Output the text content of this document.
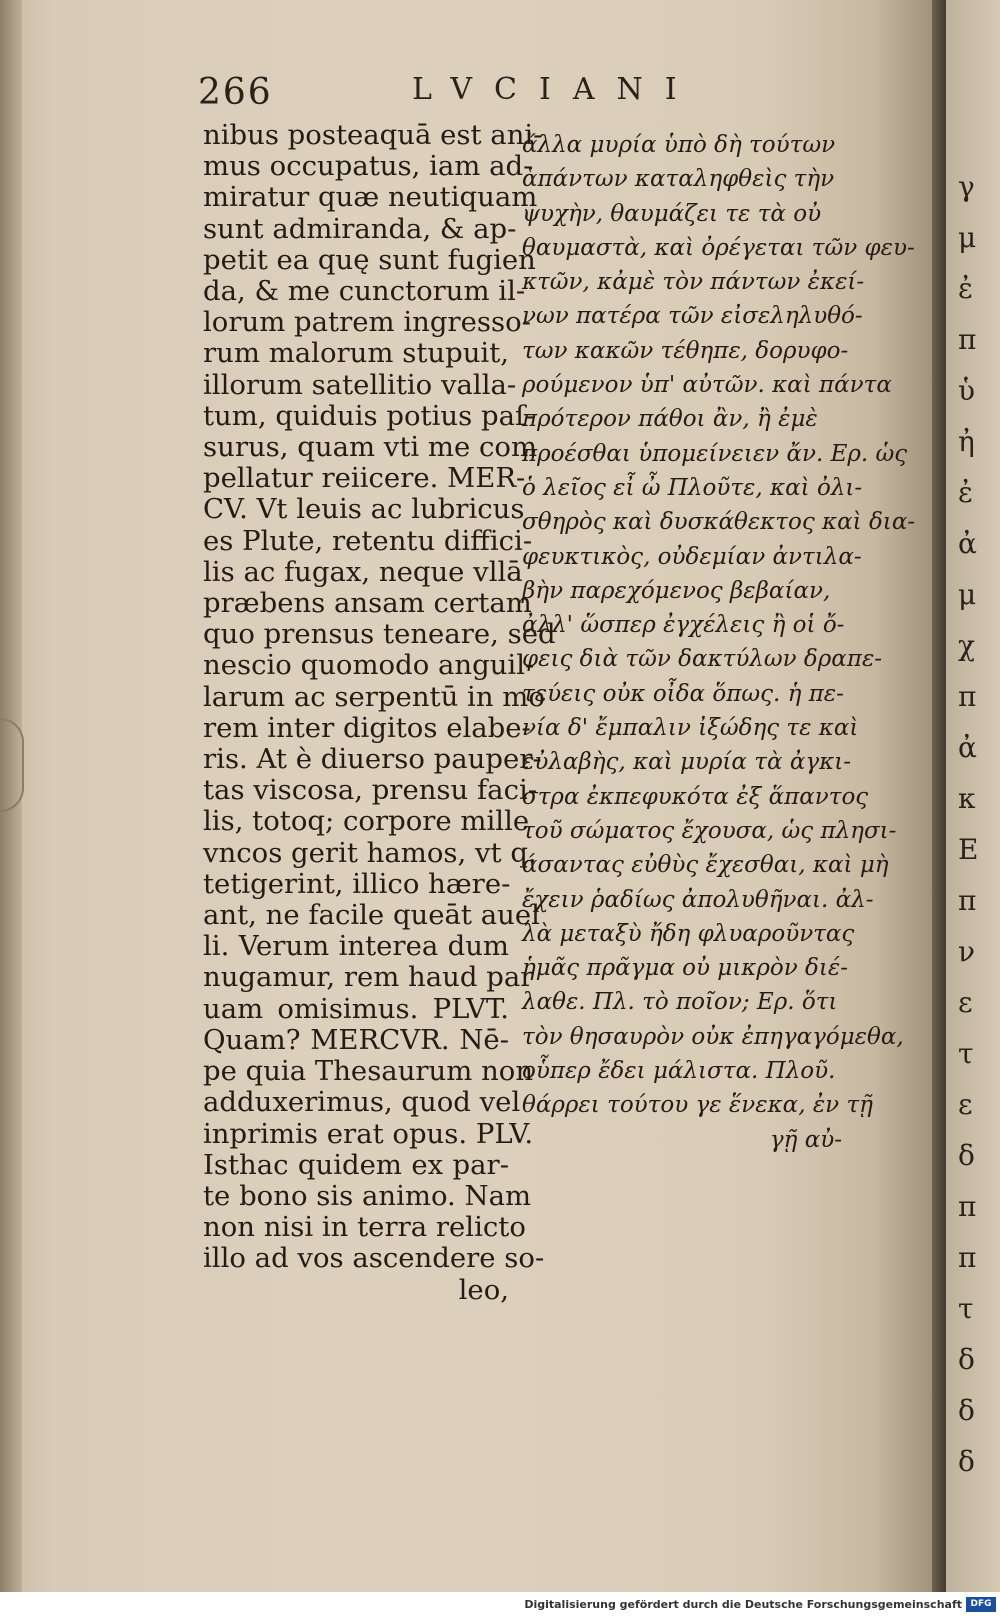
266	LVCIANI
nibus posteaquā est ani-
mus occupatus, iam ad-
miratur quæ neutiquam
sunt admiranda, & ap-
petit ea quę sunt fugien
da, & me cunctorum il-
lorum patrem ingresso-
rum malorum stupuit,
illorum satellitio valla-
tum, quiduis potius paſ-
surus, quam vti me com
pellatur reiicere. MER-
CV. Vt leuis ac lubricus
es Plute, retentu diffici-
lis ac fugax, neque vllā
præbens ansam certam
quo prensus teneare, sed
nescio quomodo anguil-
larum ac serpentū in mo
rem inter digitos elabe-
ris. At è diuerso pauper-
tas viscosa, prensu faci-
lis, totoq; corpore mille
vncos gerit hamos, vt q.
tetigerint, illico hære-
ant, ne facile queāt auel
li. Verum interea dum
nugamur, rem haud par
uam omisimus. PLVT.
Quam? MERCVR. Nē-
pe quia Thesaurum non
adduxerimus, quod vel
inprimis erat opus. PLV.
Isthac quidem ex par-
te bono sis animo. Nam
non nisi in terra relicto
illo ad vos ascendere so-
leo,
ἄλλα μυρία ὑπὸ δὴ τούτων
ἁπάντων καταληφθεὶς τὴν
ψυχὴν, θαυμάζει τε τὰ οὐ
θαυμαστὰ, καὶ ὀρέγεται τῶν φευ-
κτῶν, κἀμὲ τὸν πάντων ἐκεί-
νων πατέρα τῶν εἰσεληλυθό-
των κακῶν τέθηπε, δορυφο-
ρούμενον ὑπ' αὐτῶν. καὶ πάντα
πρότερον πάθοι ἂν, ἢ ἐμὲ
προέσθαι ὑπομείνειεν ἄν. Ερ. ὡς
ὁ λεῖος εἶ ὦ Πλοῦτε, καὶ ὀλι-
σθηρὸς καὶ δυσκάθεκτος καὶ δια-
φευκτικὸς, οὐδεμίαν ἀντιλα-
βὴν παρεχόμενος βεβαίαν,
ἀλλ' ὥσπερ ἐγχέλεις ἢ οἱ ὄ-
φεις διὰ τῶν δακτύλων δραπε-
τεύεις οὐκ οἶδα ὅπως. ἡ πε-
νία δ' ἔμπαλιν ἰξώδης τε καὶ
εὐλαβὴς, καὶ μυρία τὰ ἀγκι-
στρα ἐκπεφυκότα ἐξ ἅπαντος
τοῦ σώματος ἔχουσα, ὡς πλησι-
άσαντας εὐθὺς ἔχεσθαι, καὶ μὴ
ἔχειν ῥαδίως ἀπολυθῆναι. ἀλ-
λὰ μεταξὺ ἤδη φλυαροῦντας
ἡμᾶς πρᾶγμα οὐ μικρὸν διέ-
λαθε. Πλ. τὸ ποῖον; Ερ. ὅτι
τὸν θησαυρὸν οὐκ ἐπηγαγόμεθα,
οὗπερ ἔδει μάλιστα. Πλοῦ.
θάρρει τούτου γε ἕνεκα, ἐν τῇ
γῇ αὐ-
γ
μ
ἐ
π
ὑ
ἠ
ἐ
ἀ
μ
χ
π
ἀ
κ
Ε
π
ν
ε
τ
ε
δ
π
π
τ
δ
δ
δ
Digitalisierung gefördert durch die Deutsche Forschungsgemeinschaft DFG
